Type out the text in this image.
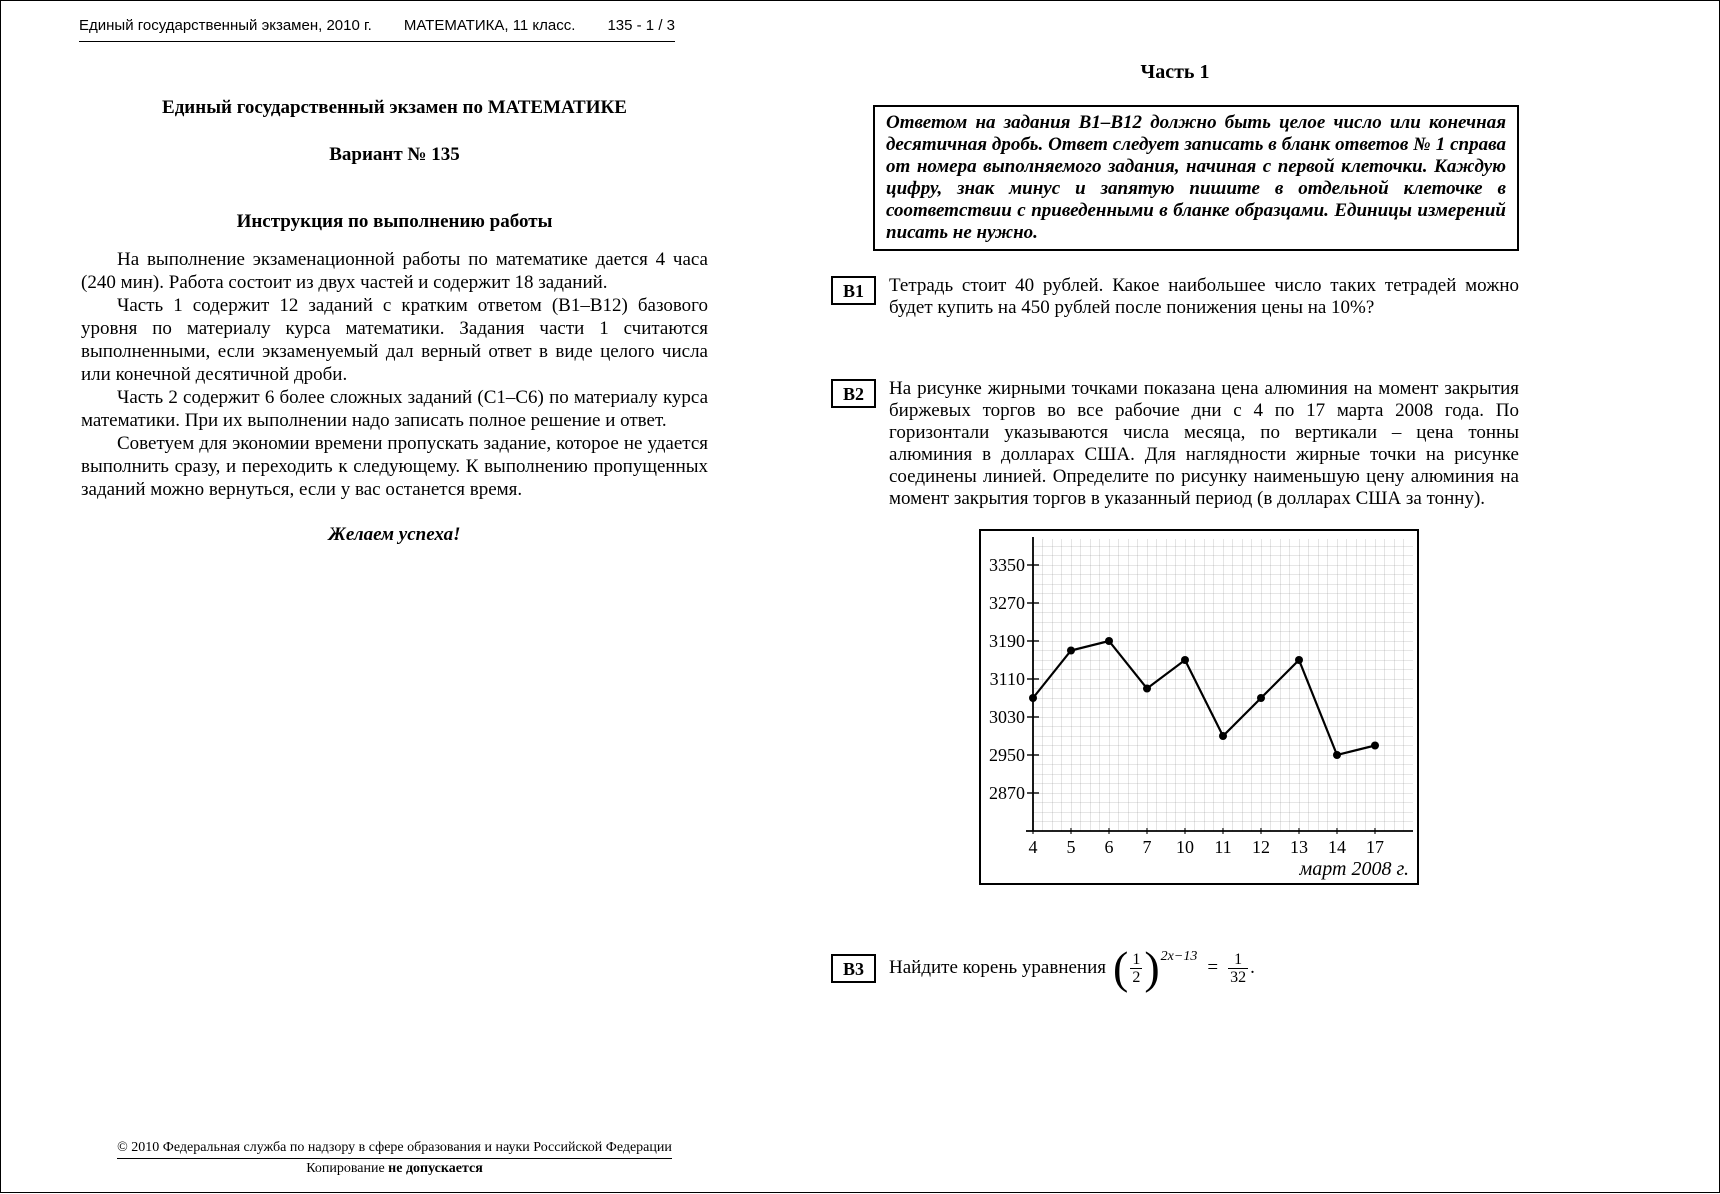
Единый государственный экзамен, 2010 г. МАТЕМАТИКА, 11 класс. 135 - 1 / 3
Единый государственный экзамен по МАТЕМАТИКЕ
Вариант № 135
Инструкция по выполнению работы
На выполнение экзаменационной работы по математике дается 4 часа (240 мин). Работа состоит из двух частей и содержит 18 заданий.
Часть 1 содержит 12 заданий с кратким ответом (В1–В12) базового уровня по материалу курса математики. Задания части 1 считаются выполненными, если экзаменуемый дал верный ответ в виде целого числа или конечной десятичной дроби.
Часть 2 содержит 6 более сложных заданий (С1–С6) по материалу курса математики. При их выполнении надо записать полное решение и ответ.
Советуем для экономии времени пропускать задание, которое не удается выполнить сразу, и переходить к следующему. К выполнению пропущенных заданий можно вернуться, если у вас останется время.
Желаем успеха!
Часть 1
Ответом на задания В1–В12 должно быть целое число или конечная десятичная дробь. Ответ следует записать в бланк ответов № 1 справа от номера выполняемого задания, начиная с первой клеточки. Каждую цифру, знак минус и запятую пишите в отдельной клеточке в соответствии с приведенными в бланке образцами. Единицы измерений писать не нужно.
В1	Тетрадь стоит 40 рублей. Какое наибольшее число таких тетрадей можно будет купить на 450 рублей после понижения цены на 10%?
В2	На рисунке жирными точками показана цена алюминия на момент закрытия биржевых торгов во все рабочие дни с 4 по 17 марта 2008 года. По горизонтали указываются числа месяца, по вертикали – цена тонны алюминия в долларах США. Для наглядности жирные точки на рисунке соединены линией. Определите по рисунку наименьшую цену алюминия на момент закрытия торгов в указанный период (в долларах США за тонну).
3350
3270
3190
3110
3030
2950
2870
4 5 6 7 10 11 12 13 14 17
март 2008 г.
В3	Найдите корень уравнения ( $\frac{1}{2}$ ) 2x−13
= $\frac{1}{32}$ .
© 2010 Федеральная служба по надзору в сфере образования и науки Российской Федерации
Копирование не допускается
